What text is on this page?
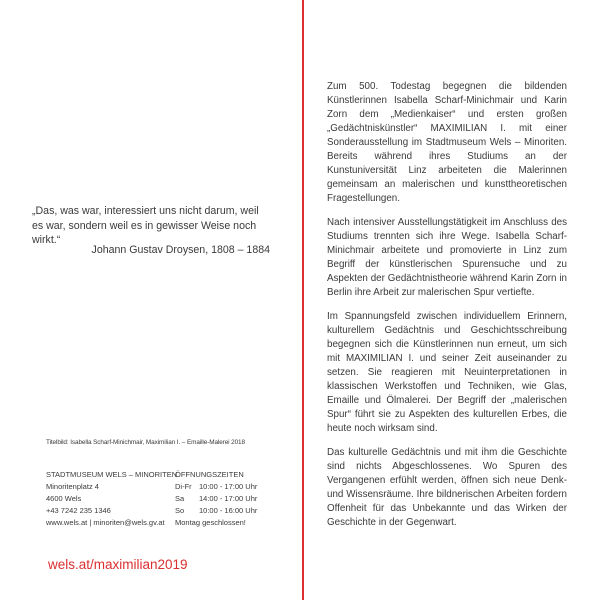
„Das, was war, interessiert uns nicht darum, weil es war, sondern weil es in gewisser Weise noch wirkt.“
Johann Gustav Droysen, 1808 – 1884
Titelbild: Isabella Scharf-Minichmair, Maximilian I. – Emaille-Malerei 2018
STADTMUSEUM WELS – MINORITEN
Minoritenplatz 4
4600 Wels
+43 7242 235 1346
www.wels.at | minoriten@wels.gv.at
ÖFFNUNGSZEITEN
Di-Fr 10:00 - 17:00 Uhr
Sa	14:00 - 17:00 Uhr
So	10:00 - 16:00 Uhr
Montag geschlossen!
wels.at/maximilian2019

Zum 500. Todestag begegnen die bildenden Künstlerinnen Isabella Scharf-Minichmair und Karin Zorn dem „Medienkaiser“ und ersten großen „Gedächtniskünstler“ MAXIMILIAN I. mit einer Sonderausstellung im Stadtmuseum Wels – Minoriten. Bereits während ihres Studiums an der Kunstuniversität Linz arbeiteten die Malerinnen gemeinsam an malerischen und kunsttheoretischen Fragestellungen.

Nach intensiver Ausstellungstätigkeit im Anschluss des Studiums trennten sich ihre Wege. Isabella Scharf-Minichmair arbeitete und promovierte in Linz zum Begriff der künstlerischen Spurensuche und zu Aspekten der Gedächtnistheorie während Karin Zorn in Berlin ihre Arbeit zur malerischen Spur vertiefte.

Im Spannungsfeld zwischen individuellem Erinnern, kulturellem Gedächtnis und Geschichtsschreibung begegnen sich die Künstlerinnen nun erneut, um sich mit MAXIMILIAN I. und seiner Zeit auseinander zu setzen. Sie reagieren mit Neuinterpretationen in klassischen Werkstoffen und Techniken, wie Glas, Emaille und Ölmalerei. Der Begriff der „malerischen Spur“ führt sie zu Aspekten des kulturellen Erbes, die heute noch wirksam sind.

Das kulturelle Gedächtnis und mit ihm die Geschichte sind nichts Abgeschlossenes. Wo Spuren des Vergangenen erfühlt werden, öffnen sich neue Denk- und Wissensräume. Ihre bildnerischen Arbeiten fordern Offenheit für das Unbekannte und das Wirken der Geschichte in der Gegenwart.
